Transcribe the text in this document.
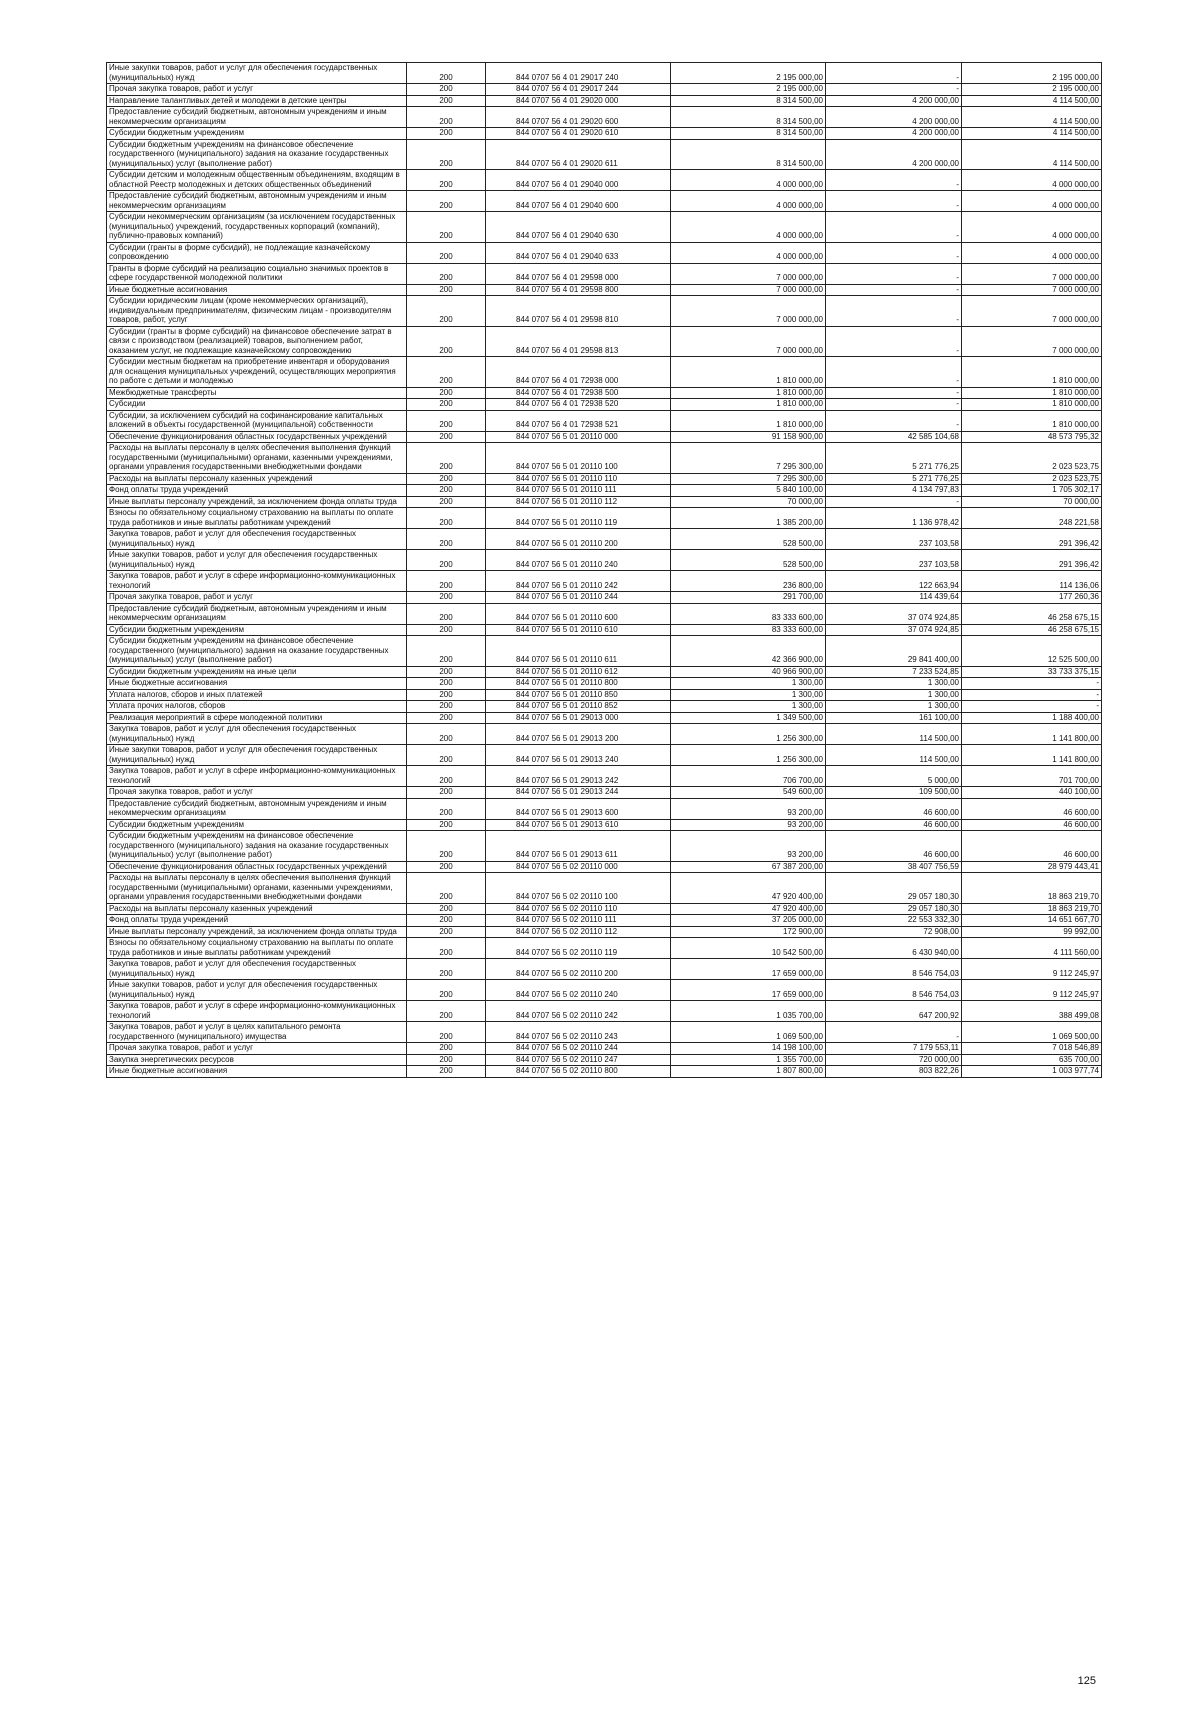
Иные закупки товаров, работ и услуг для обеспечения государственных (муниципальных) нужд	200	844 0707 56 4 01 29017 240	2 195 000,00	-	2 195 000,00
Прочая закупка товаров, работ и услуг	200	844 0707 56 4 01 29017 244	2 195 000,00	-	2 195 000,00
Направление талантливых детей и молодежи в детские центры	200	844 0707 56 4 01 29020 000	8 314 500,00	4 200 000,00	4 114 500,00
Предоставление субсидий бюджетным, автономным учреждениям и иным некоммерческим организациям	200	844 0707 56 4 01 29020 600	8 314 500,00	4 200 000,00	4 114 500,00
Субсидии бюджетным учреждениям	200	844 0707 56 4 01 29020 610	8 314 500,00	4 200 000,00	4 114 500,00
Субсидии бюджетным учреждениям на финансовое обеспечение государственного (муниципального) задания на оказание государственных (муниципальных) услуг (выполнение работ)	200	844 0707 56 4 01 29020 611	8 314 500,00	4 200 000,00	4 114 500,00
Субсидии детским и молодежным общественным объединениям, входящим в областной Реестр молодежных и детских общественных объединений	200	844 0707 56 4 01 29040 000	4 000 000,00	-	4 000 000,00
Предоставление субсидий бюджетным, автономным учреждениям и иным некоммерческим организациям	200	844 0707 56 4 01 29040 600	4 000 000,00	-	4 000 000,00
Субсидии некоммерческим организациям (за исключением государственных (муниципальных) учреждений, государственных корпораций (компаний), публично-правовых компаний)	200	844 0707 56 4 01 29040 630	4 000 000,00	-	4 000 000,00
Субсидии (гранты в форме субсидий), не подлежащие казначейскому сопровождению	200	844 0707 56 4 01 29040 633	4 000 000,00	-	4 000 000,00
Гранты в форме субсидий на реализацию социально значимых проектов в сфере государственной молодежной политики	200	844 0707 56 4 01 29598 000	7 000 000,00	-	7 000 000,00
Иные бюджетные ассигнования	200	844 0707 56 4 01 29598 800	7 000 000,00	-	7 000 000,00
Субсидии юридическим лицам (кроме некоммерческих организаций), индивидуальным предпринимателям, физическим лицам - производителям товаров, работ, услуг	200	844 0707 56 4 01 29598 810	7 000 000,00	-	7 000 000,00
Субсидии (гранты в форме субсидий) на финансовое обеспечение затрат в связи с производством (реализацией) товаров, выполнением работ, оказанием услуг, не подлежащие казначейскому сопровождению	200	844 0707 56 4 01 29598 813	7 000 000,00	-	7 000 000,00
Субсидии местным бюджетам на приобретение инвентаря и оборудования для оснащения муниципальных учреждений, осуществляющих мероприятия по работе с детьми и молодежью	200	844 0707 56 4 01 72938 000	1 810 000,00	-	1 810 000,00
Межбюджетные трансферты	200	844 0707 56 4 01 72938 500	1 810 000,00	-	1 810 000,00
Субсидии	200	844 0707 56 4 01 72938 520	1 810 000,00	-	1 810 000,00
Субсидии, за исключением субсидий на софинансирование капитальных вложений в объекты государственной (муниципальной) собственности	200	844 0707 56 4 01 72938 521	1 810 000,00	-	1 810 000,00
Обеспечение функционирования областных государственных учреждений	200	844 0707 56 5 01 20110 000	91 158 900,00	42 585 104,68	48 573 795,32
Расходы на выплаты персоналу в целях обеспечения выполнения функций государственными (муниципальными) органами, казенными учреждениями, органами управления государственными внебюджетными фондами	200	844 0707 56 5 01 20110 100	7 295 300,00	5 271 776,25	2 023 523,75
Расходы на выплаты персоналу казенных учреждений	200	844 0707 56 5 01 20110 110	7 295 300,00	5 271 776,25	2 023 523,75
Фонд оплаты труда учреждений	200	844 0707 56 5 01 20110 111	5 840 100,00	4 134 797,83	1 705 302,17
Иные выплаты персоналу учреждений, за исключением фонда оплаты труда	200	844 0707 56 5 01 20110 112	70 000,00	-	70 000,00
Взносы по обязательному социальному страхованию на выплаты по оплате труда работников и иные выплаты работникам учреждений	200	844 0707 56 5 01 20110 119	1 385 200,00	1 136 978,42	248 221,58
Закупка товаров, работ и услуг для обеспечения государственных (муниципальных) нужд	200	844 0707 56 5 01 20110 200	528 500,00	237 103,58	291 396,42
Иные закупки товаров, работ и услуг для обеспечения государственных (муниципальных) нужд	200	844 0707 56 5 01 20110 240	528 500,00	237 103,58	291 396,42
Закупка товаров, работ и услуг в сфере информационно-коммуникационных технологий	200	844 0707 56 5 01 20110 242	236 800,00	122 663,94	114 136,06
Прочая закупка товаров, работ и услуг	200	844 0707 56 5 01 20110 244	291 700,00	114 439,64	177 260,36
Предоставление субсидий бюджетным, автономным учреждениям и иным некоммерческим организациям	200	844 0707 56 5 01 20110 600	83 333 600,00	37 074 924,85	46 258 675,15
Субсидии бюджетным учреждениям	200	844 0707 56 5 01 20110 610	83 333 600,00	37 074 924,85	46 258 675,15
Субсидии бюджетным учреждениям на финансовое обеспечение государственного (муниципального) задания на оказание государственных (муниципальных) услуг (выполнение работ)	200	844 0707 56 5 01 20110 611	42 366 900,00	29 841 400,00	12 525 500,00
Субсидии бюджетным учреждениям на иные цели	200	844 0707 56 5 01 20110 612	40 966 900,00	7 233 524,85	33 733 375,15
Иные бюджетные ассигнования	200	844 0707 56 5 01 20110 800	1 300,00	1 300,00	-
Уплата налогов, сборов и иных платежей	200	844 0707 56 5 01 20110 850	1 300,00	1 300,00	-
Уплата прочих налогов, сборов	200	844 0707 56 5 01 20110 852	1 300,00	1 300,00	-
Реализация мероприятий в сфере молодежной политики	200	844 0707 56 5 01 29013 000	1 349 500,00	161 100,00	1 188 400,00
Закупка товаров, работ и услуг для обеспечения государственных (муниципальных) нужд	200	844 0707 56 5 01 29013 200	1 256 300,00	114 500,00	1 141 800,00
Иные закупки товаров, работ и услуг для обеспечения государственных (муниципальных) нужд	200	844 0707 56 5 01 29013 240	1 256 300,00	114 500,00	1 141 800,00
Закупка товаров, работ и услуг в сфере информационно-коммуникационных технологий	200	844 0707 56 5 01 29013 242	706 700,00	5 000,00	701 700,00
Прочая закупка товаров, работ и услуг	200	844 0707 56 5 01 29013 244	549 600,00	109 500,00	440 100,00
Предоставление субсидий бюджетным, автономным учреждениям и иным некоммерческим организациям	200	844 0707 56 5 01 29013 600	93 200,00	46 600,00	46 600,00
Субсидии бюджетным учреждениям	200	844 0707 56 5 01 29013 610	93 200,00	46 600,00	46 600,00
Субсидии бюджетным учреждениям на финансовое обеспечение государственного (муниципального) задания на оказание государственных (муниципальных) услуг (выполнение работ)	200	844 0707 56 5 01 29013 611	93 200,00	46 600,00	46 600,00
Обеспечение функционирования областных государственных учреждений	200	844 0707 56 5 02 20110 000	67 387 200,00	38 407 756,59	28 979 443,41
Расходы на выплаты персоналу в целях обеспечения выполнения функций государственными (муниципальными) органами, казенными учреждениями, органами управления государственными внебюджетными фондами	200	844 0707 56 5 02 20110 100	47 920 400,00	29 057 180,30	18 863 219,70
Расходы на выплаты персоналу казенных учреждений	200	844 0707 56 5 02 20110 110	47 920 400,00	29 057 180,30	18 863 219,70
Фонд оплаты труда учреждений	200	844 0707 56 5 02 20110 111	37 205 000,00	22 553 332,30	14 651 667,70
Иные выплаты персоналу учреждений, за исключением фонда оплаты труда	200	844 0707 56 5 02 20110 112	172 900,00	72 908,00	99 992,00
Взносы по обязательному социальному страхованию на выплаты по оплате труда работников и иные выплаты работникам учреждений	200	844 0707 56 5 02 20110 119	10 542 500,00	6 430 940,00	4 111 560,00
Закупка товаров, работ и услуг для обеспечения государственных (муниципальных) нужд	200	844 0707 56 5 02 20110 200	17 659 000,00	8 546 754,03	9 112 245,97
Иные закупки товаров, работ и услуг для обеспечения государственных (муниципальных) нужд	200	844 0707 56 5 02 20110 240	17 659 000,00	8 546 754,03	9 112 245,97
Закупка товаров, работ и услуг в сфере информационно-коммуникационных технологий	200	844 0707 56 5 02 20110 242	1 035 700,00	647 200,92	388 499,08
Закупка товаров, работ и услуг в целях капитального ремонта государственного (муниципального) имущества	200	844 0707 56 5 02 20110 243	1 069 500,00	-	1 069 500,00
Прочая закупка товаров, работ и услуг	200	844 0707 56 5 02 20110 244	14 198 100,00	7 179 553,11	7 018 546,89
Закупка энергетических ресурсов	200	844 0707 56 5 02 20110 247	1 355 700,00	720 000,00	635 700,00
Иные бюджетные ассигнования	200	844 0707 56 5 02 20110 800	1 807 800,00	803 822,26	1 003 977,74
125
